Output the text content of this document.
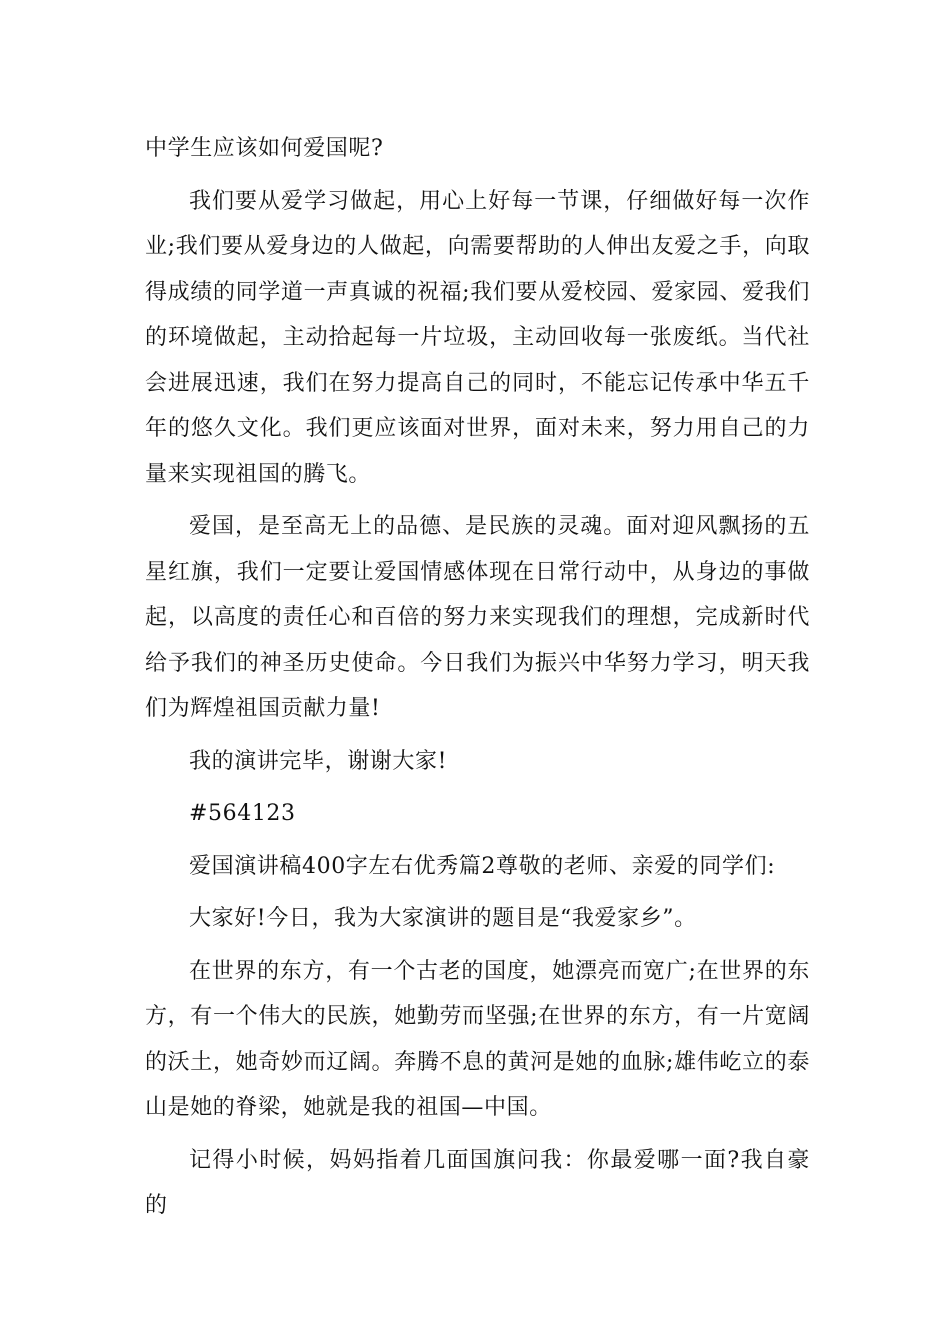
中学生应该如何爱国呢?

我们要从爱学习做起，用心上好每一节课，仔细做好每一次作业;我们要从爱身边的人做起，向需要帮助的人伸出友爱之手，向取得成绩的同学道一声真诚的祝福;我们要从爱校园、爱家园、爱我们的环境做起，主动拾起每一片垃圾，主动回收每一张废纸。当代社会进展迅速，我们在努力提高自己的同时，不能忘记传承中华五千年的悠久文化。我们更应该面对世界，面对未来，努力用自己的力量来实现祖国的腾飞。

爱国，是至高无上的品德、是民族的灵魂。面对迎风飘扬的五星红旗，我们一定要让爱国情感体现在日常行动中，从身边的事做起，以高度的责任心和百倍的努力来实现我们的理想，完成新时代给予我们的神圣历史使命。今日我们为振兴中华努力学习，明天我们为辉煌祖国贡献力量!

我的演讲完毕，谢谢大家!

#564123

爱国演讲稿400字左右优秀篇2尊敬的老师、亲爱的同学们:

大家好!今日，我为大家演讲的题目是“我爱家乡”。

在世界的东方，有一个古老的国度，她漂亮而宽广;在世界的东方，有一个伟大的民族，她勤劳而坚强;在世界的东方，有一片宽阔的沃土，她奇妙而辽阔。奔腾不息的黄河是她的血脉;雄伟屹立的泰山是她的脊梁，她就是我的祖国—中国。

记得小时候，妈妈指着几面国旗问我：你最爱哪一面?我自豪的
